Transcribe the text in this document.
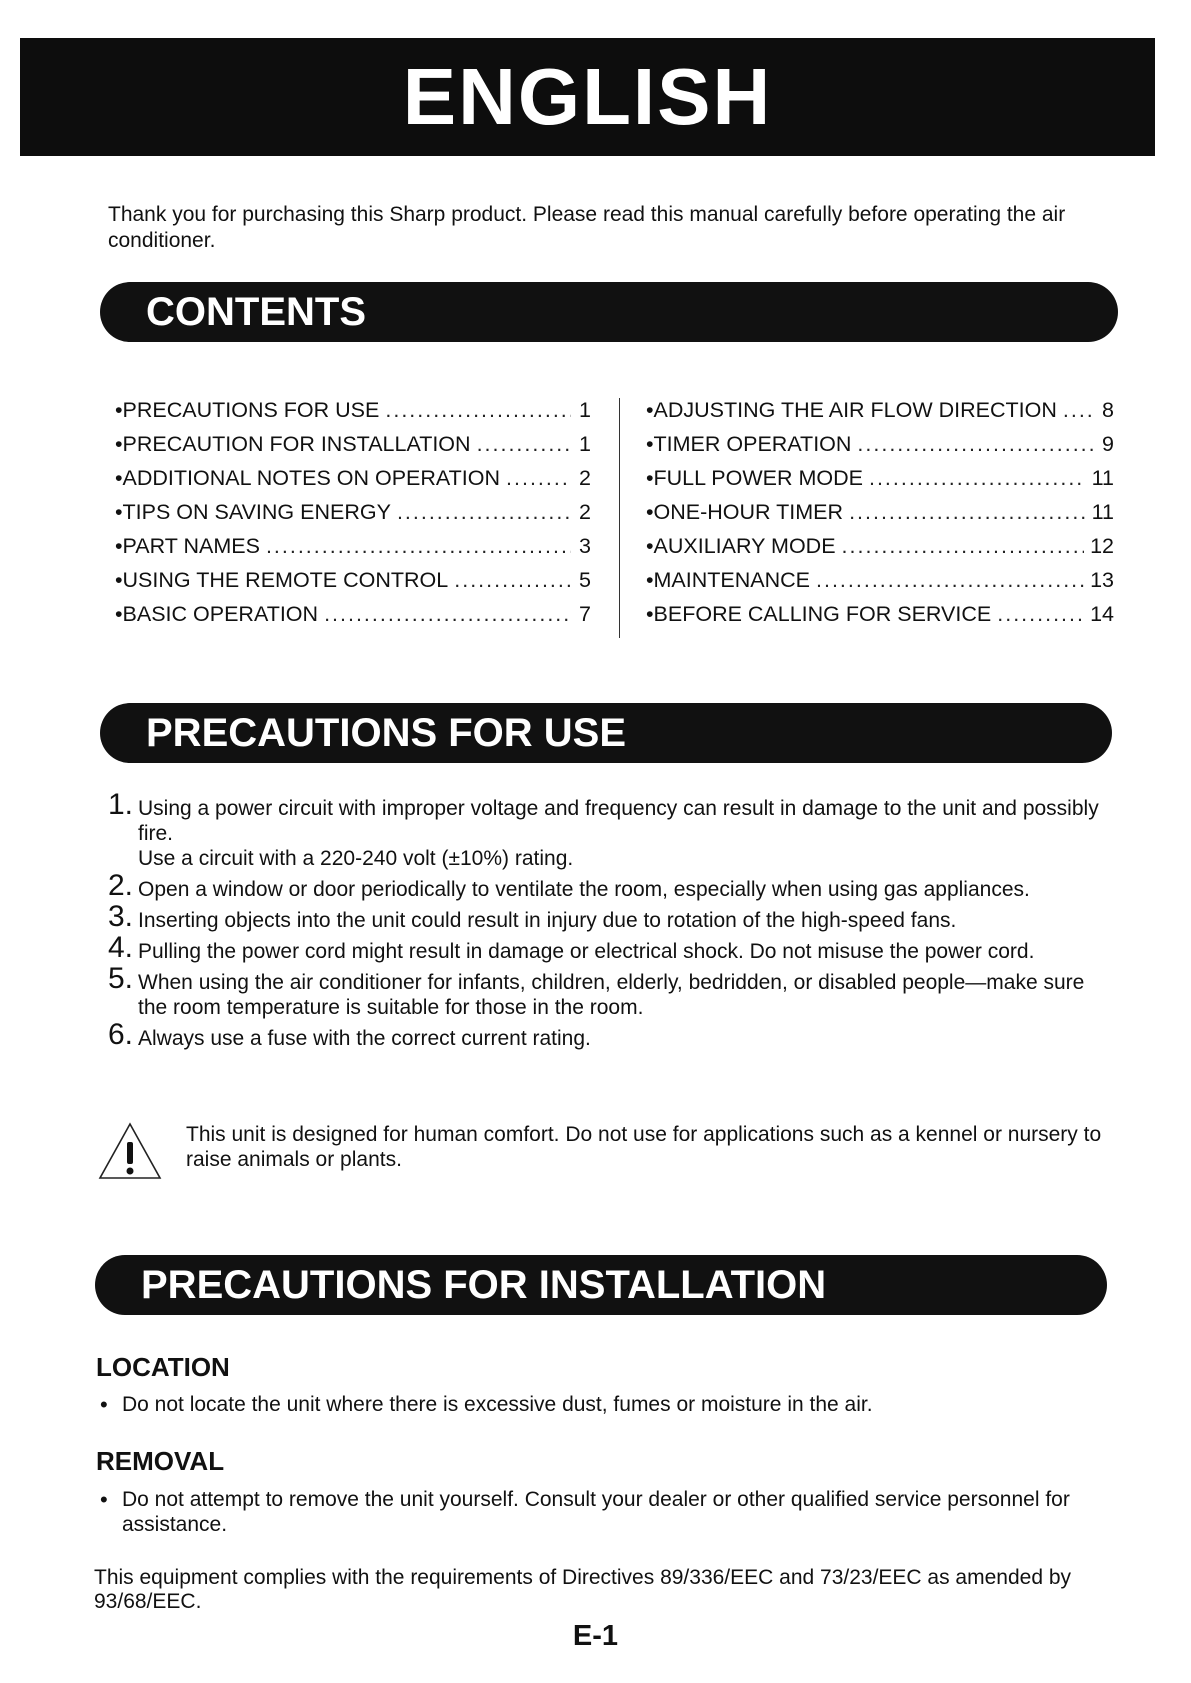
ENGLISH
Thank you for purchasing this Sharp product. Please read this manual carefully before operating the air conditioner.
CONTENTS
•PRECAUTIONS FOR USE .....	1
•PRECAUTION FOR INSTALLATION .....	1
•ADDITIONAL NOTES ON OPERATION .....	2
•TIPS ON SAVING ENERGY .....	2
•PART NAMES .....	3
•USING THE REMOTE CONTROL .....	5
•BASIC OPERATION .....	7
•ADJUSTING THE AIR FLOW DIRECTION ..... 8
•TIMER OPERATION .....	9
•FULL POWER MODE .....	11
•ONE-HOUR TIMER .....	11
•AUXILIARY MODE .....	12
•MAINTENANCE .....	13
•BEFORE CALLING FOR SERVICE .....	14
PRECAUTIONS FOR USE
1. Using a power circuit with improper voltage and frequency can result in damage to the unit and possibly fire.
Use a circuit with a 220-240 volt (±10%) rating.
2. Open a window or door periodically to ventilate the room, especially when using gas appliances.
3. Inserting objects into the unit could result in injury due to rotation of the high-speed fans.
4. Pulling the power cord might result in damage or electrical shock. Do not misuse the power cord.
5. When using the air conditioner for infants, children, elderly, bedridden, or disabled people—make sure the room temperature is suitable for those in the room.
6. Always use a fuse with the correct current rating.
This unit is designed for human comfort. Do not use for applications such as a kennel or nursery to raise animals or plants.
PRECAUTIONS FOR INSTALLATION
LOCATION
• Do not locate the unit where there is excessive dust, fumes or moisture in the air.
REMOVAL
• Do not attempt to remove the unit yourself. Consult your dealer or other qualified service personnel for assistance.
This equipment complies with the requirements of Directives 89/336/EEC and 73/23/EEC as amended by 93/68/EEC.
E-1
